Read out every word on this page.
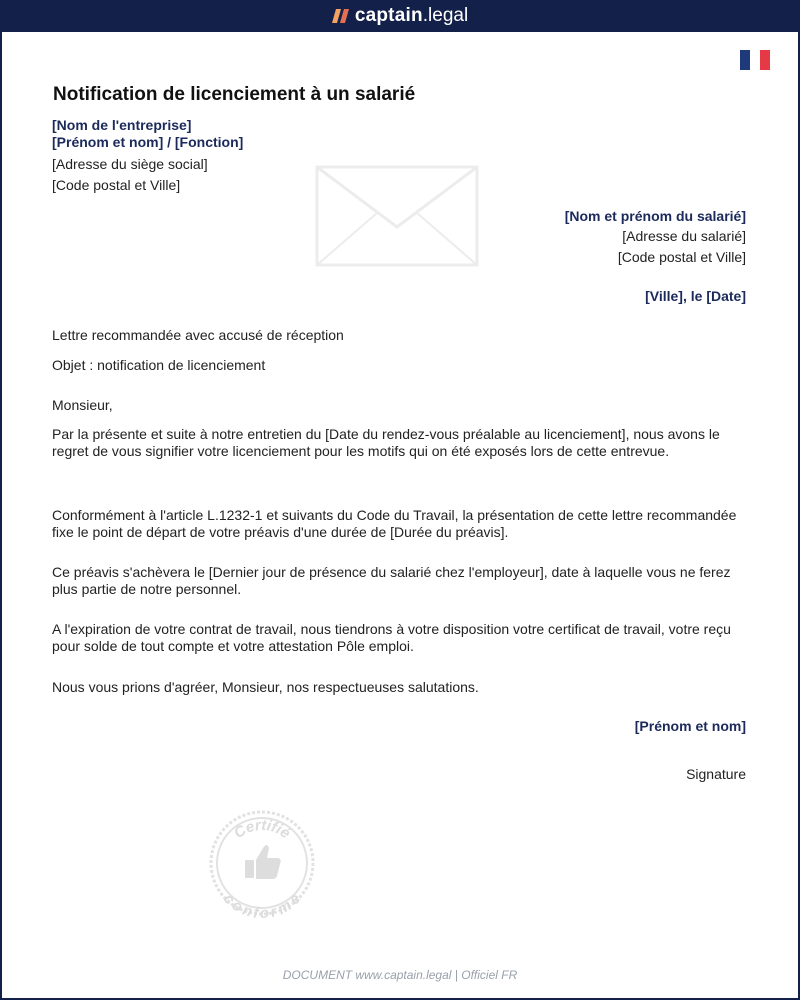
captain .legal
Notification de licenciement à un salarié
[Nom de l'entreprise]
[Prénom et nom] / [Fonction]
[Adresse du siège social]
[Code postal et Ville]
[Nom et prénom du salarié]
[Adresse du salarié]
[Code postal et Ville]
[Ville], le [Date]

Lettre recommandée avec accusé de réception

Objet : notification de licenciement

Monsieur,

Par la présente et suite à notre entretien du [Date du rendez-vous préalable au licenciement], nous avons le regret de vous signifier votre licenciement pour les motifs qui on été exposés lors de cette entrevue.

Conformément à l'article L.1232-1 et suivants du Code du Travail, la présentation de cette lettre recommandée fixe le point de départ de votre préavis d'une durée de [Durée du préavis].

Ce préavis s'achèvera le [Dernier jour de présence du salarié chez l'employeur], date à laquelle vous ne ferez plus partie de notre personnel.

A l'expiration de votre contrat de travail, nous tiendrons à votre disposition votre certificat de travail, votre reçu pour solde de tout compte et votre attestation Pôle emploi.

Nous vous prions d'agréer, Monsieur, nos respectueuses salutations.

[Prénom et nom]
Signature
Certifié
conforme
DOCUMENT www.captain.legal | Officiel FR
